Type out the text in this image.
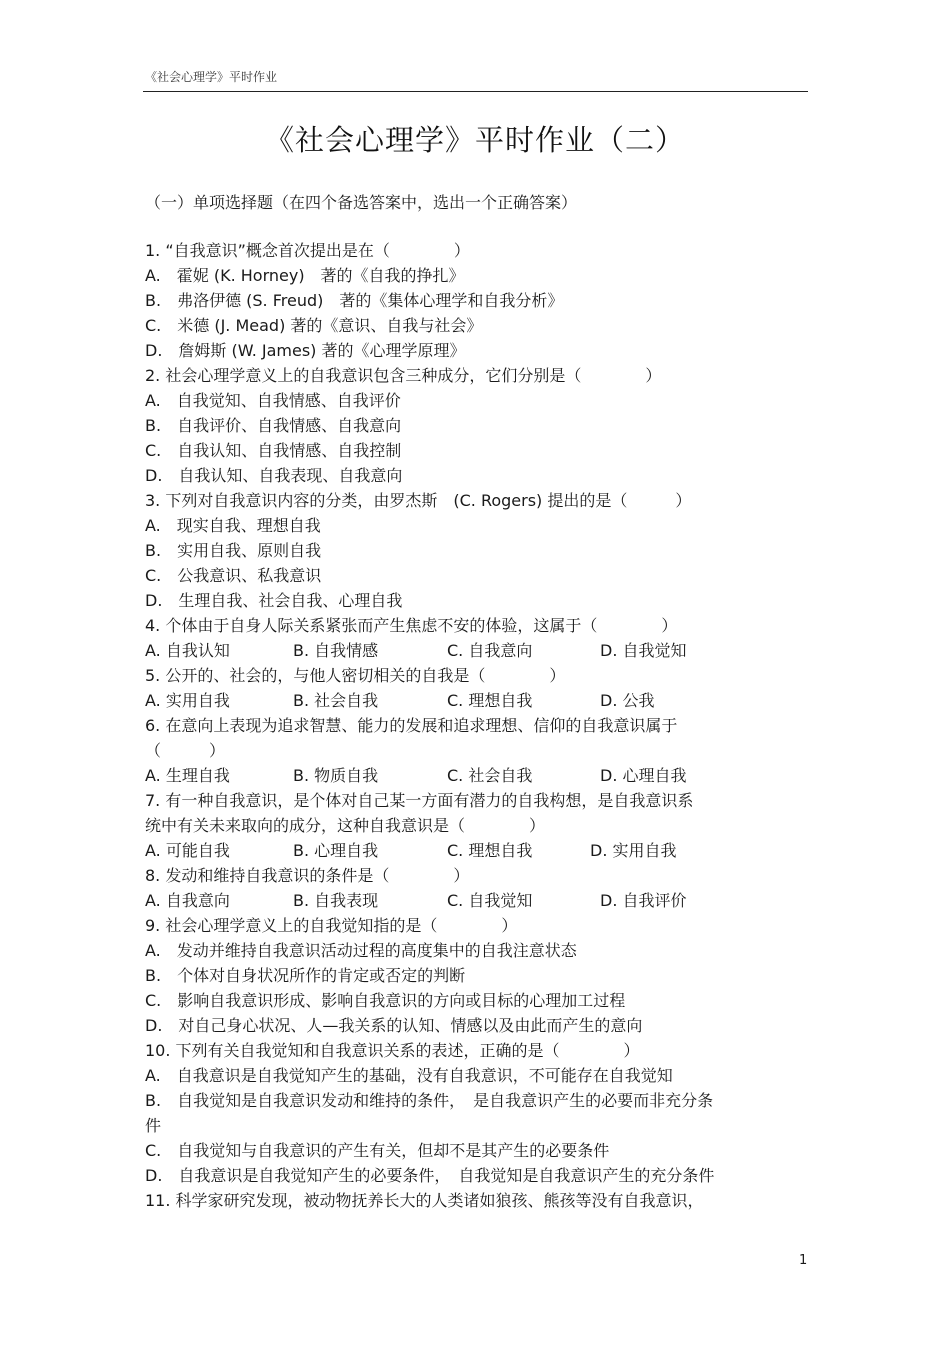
《社会心理学》平时作业
《社会心理学》平时作业（二）
（一）单项选择题（在四个备选答案中，选出一个正确答案）
1. “自我意识”概念首次提出是在（　　　　）
A.　霍妮 (K. Horney)　著的《自我的挣扎》
B.　弗洛伊德 (S. Freud)　著的《集体心理学和自我分析》
C.　米德 (J. Mead) 著的《意识、自我与社会》
D.　詹姆斯 (W. James) 著的《心理学原理》
2. 社会心理学意义上的自我意识包含三种成分，它们分别是（　　　　）
A.　自我觉知、自我情感、自我评价
B.　自我评价、自我情感、自我意向
C.　自我认知、自我情感、自我控制
D.　自我认知、自我表现、自我意向
3. 下列对自我意识内容的分类，由罗杰斯　(C. Rogers) 提出的是（　　　）
A.　现实自我、理想自我
B.　实用自我、原则自我
C.　公我意识、私我意识
D.　生理自我、社会自我、心理自我
4. 个体由于自身人际关系紧张而产生焦虑不安的体验，这属于（　　　　）
A. 自我认知	B. 自我情感	C. 自我意向	D. 自我觉知
5. 公开的、社会的，与他人密切相关的自我是（　　　　）
A. 实用自我	B. 社会自我	C. 理想自我	D. 公我
6. 在意向上表现为追求智慧、能力的发展和追求理想、信仰的自我意识属于
（　　　）
A. 生理自我	B. 物质自我	C. 社会自我	D. 心理自我
7. 有一种自我意识，是个体对自己某一方面有潜力的自我构想，是自我意识系
统中有关未来取向的成分，这种自我意识是（　　　　）
A. 可能自我	B. 心理自我	C. 理想自我	D. 实用自我
8. 发动和维持自我意识的条件是（　　　　）
A. 自我意向	B. 自我表现	C. 自我觉知	D. 自我评价
9. 社会心理学意义上的自我觉知指的是（　　　　）
A.　发动并维持自我意识活动过程的高度集中的自我注意状态
B.　个体对自身状况所作的肯定或否定的判断
C.　影响自我意识形成、影响自我意识的方向或目标的心理加工过程
D.　对自己身心状况、人—我关系的认知、情感以及由此而产生的意向
10. 下列有关自我觉知和自我意识关系的表述，正确的是（　　　　）
A.　自我意识是自我觉知产生的基础，没有自我意识，不可能存在自我觉知
B.　自我觉知是自我意识发动和维持的条件，　是自我意识产生的必要而非充分条
件
C.　自我觉知与自我意识的产生有关，但却不是其产生的必要条件
D.　自我意识是自我觉知产生的必要条件，　自我觉知是自我意识产生的充分条件
11. 科学家研究发现，被动物抚养长大的人类诸如狼孩、熊孩等没有自我意识，
1
